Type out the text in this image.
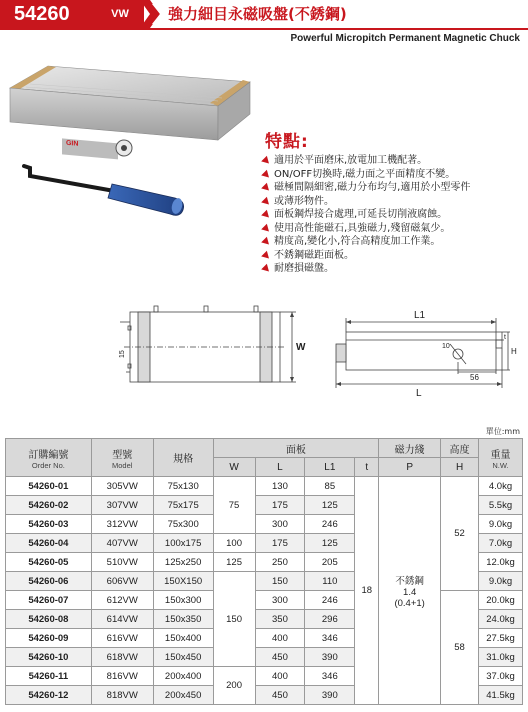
54260	VW	強力細目永磁吸盤(不銹鋼)
Powerful Micropitch Permanent Magnetic Chuck
GIN	特點:
適用於平面磨床,放電加工機配著。
ON/OFF切換時,磁力面之平面精度不變。
磁極間隔細密,磁力分布均勻,適用於小型零件
或薄形物件。
面板鋼焊接合處理,可延長切削液腐蝕。
使用高性能磁石,具強磁力,殘留磁氣少。
精度高,變化小,符合高精度加工作業。
不銹鋼磁距面板。
耐磨損磁盤。
W
15
L1
L
10
56
t
H
單位:mm
訂購編號
Order No.	型號
Model	規格	面板				磁力綫	高度	重量
N.W.

			W	L	L1	t	P	H	
54260-01	305VW	75x130	75	130	85	18	不銹鋼
1.4
(0.4+1)	52	4.0kg
54260-02	307VW	75x175		175	125				5.5kg
54260-03	312VW	75x300		300	246				9.0kg
54260-04	407VW	100x175	100	175	125				7.0kg
54260-05	510VW	125x250	125	250	205				12.0kg
54260-06	606VW	150X150	150	150	110				9.0kg
54260-07	612VW	150x300		300	246			58	20.0kg
54260-08	614VW	150x350		350	296				24.0kg
54260-09	616VW	150x400		400	346				27.5kg
54260-10	618VW	150x450		450	390				31.0kg
54260-11	816VW	200x400	200	400	346				37.0kg
54260-12	818VW	200x450		450	390				41.5kg
